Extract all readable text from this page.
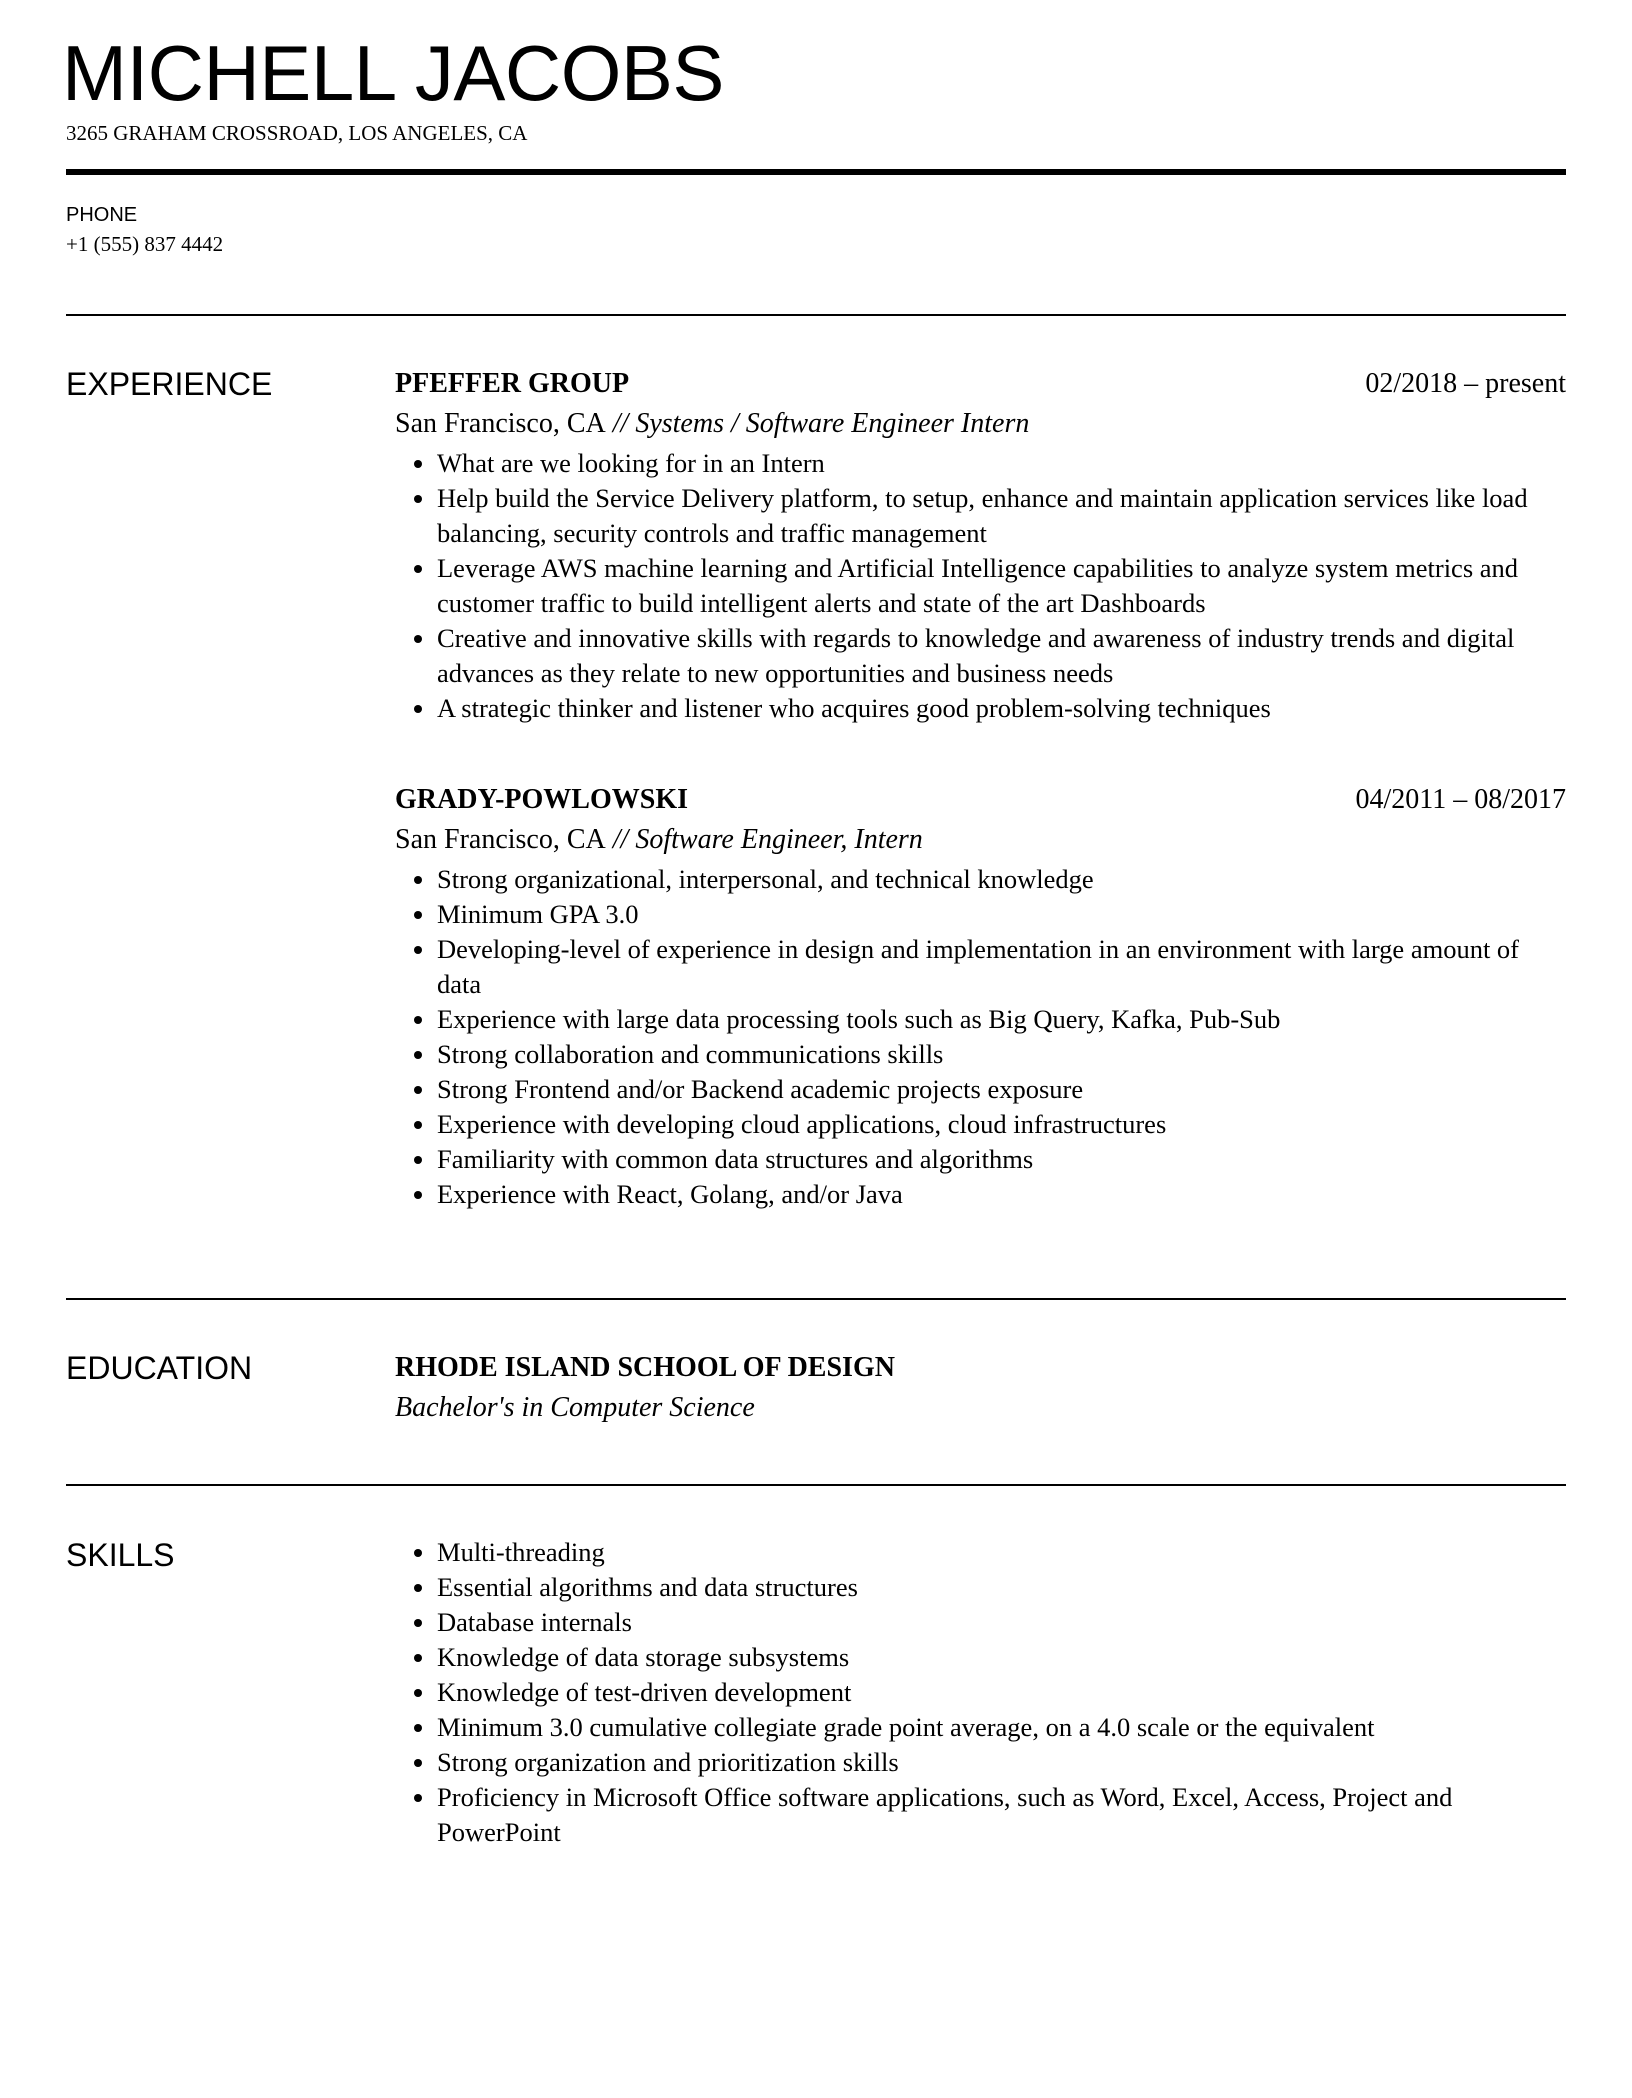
MICHELL JACOBS
3265 GRAHAM CROSSROAD, LOS ANGELES, CA
PHONE
+1 (555) 837 4442
EXPERIENCE	PFEFFER GROUP	02/2018 – present
San Francisco, CA // Systems / Software Engineer Intern
• What are we looking for in an Intern
• Help build the Service Delivery platform, to setup, enhance and maintain application services like load balancing, security controls and traffic management
• Leverage AWS machine learning and Artificial Intelligence capabilities to analyze system metrics and customer traffic to build intelligent alerts and state of the art Dashboards
• Creative and innovative skills with regards to knowledge and awareness of industry trends and digital advances as they relate to new opportunities and business needs
• A strategic thinker and listener who acquires good problem-solving techniques
GRADY-POWLOWSKI	04/2011 – 08/2017
San Francisco, CA // Software Engineer, Intern
• Strong organizational, interpersonal, and technical knowledge
• Minimum GPA 3.0
• Developing-level of experience in design and implementation in an environment with large amount of data
• Experience with large data processing tools such as Big Query, Kafka, Pub-Sub
• Strong collaboration and communications skills
• Strong Frontend and/or Backend academic projects exposure
• Experience with developing cloud applications, cloud infrastructures
• Familiarity with common data structures and algorithms
• Experience with React, Golang, and/or Java
EDUCATION	RHODE ISLAND SCHOOL OF DESIGN
Bachelor's in Computer Science
SKILLS	• Multi-threading
• Essential algorithms and data structures
• Database internals
• Knowledge of data storage subsystems
• Knowledge of test-driven development
• Minimum 3.0 cumulative collegiate grade point average, on a 4.0 scale or the equivalent
• Strong organization and prioritization skills
• Proficiency in Microsoft Office software applications, such as Word, Excel, Access, Project and PowerPoint
